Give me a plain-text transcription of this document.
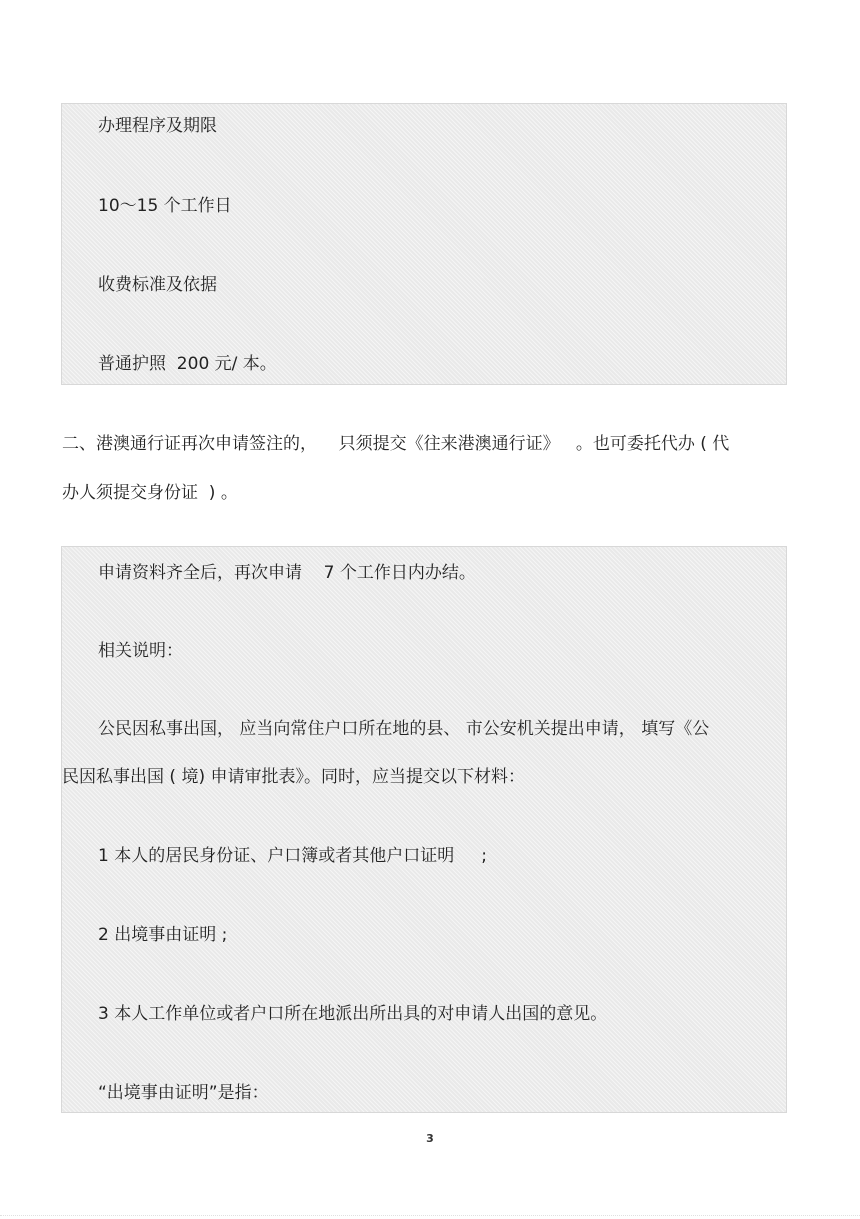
办理程序及期限
10～15 个工作日
收费标准及依据
普通护照  200 元/ 本。
二、港澳通行证再次申请签注的，    只须提交《往来港澳通行证》   。也可委托代办 ( 代
办人须提交身份证  ) 。
申请资料齐全后，再次申请    7 个工作日内办结。
相关说明：
公民因私事出国， 应当向常住户口所在地的县、 市公安机关提出申请， 填写《公
民因私事出国 ( 境) 申请审批表》。同时，应当提交以下材料：
1 本人的居民身份证、户口簿或者其他户口证明     ;
2 出境事由证明 ;
3 本人工作单位或者户口所在地派出所出具的对申请人出国的意见。
“出境事由证明”是指：
3
